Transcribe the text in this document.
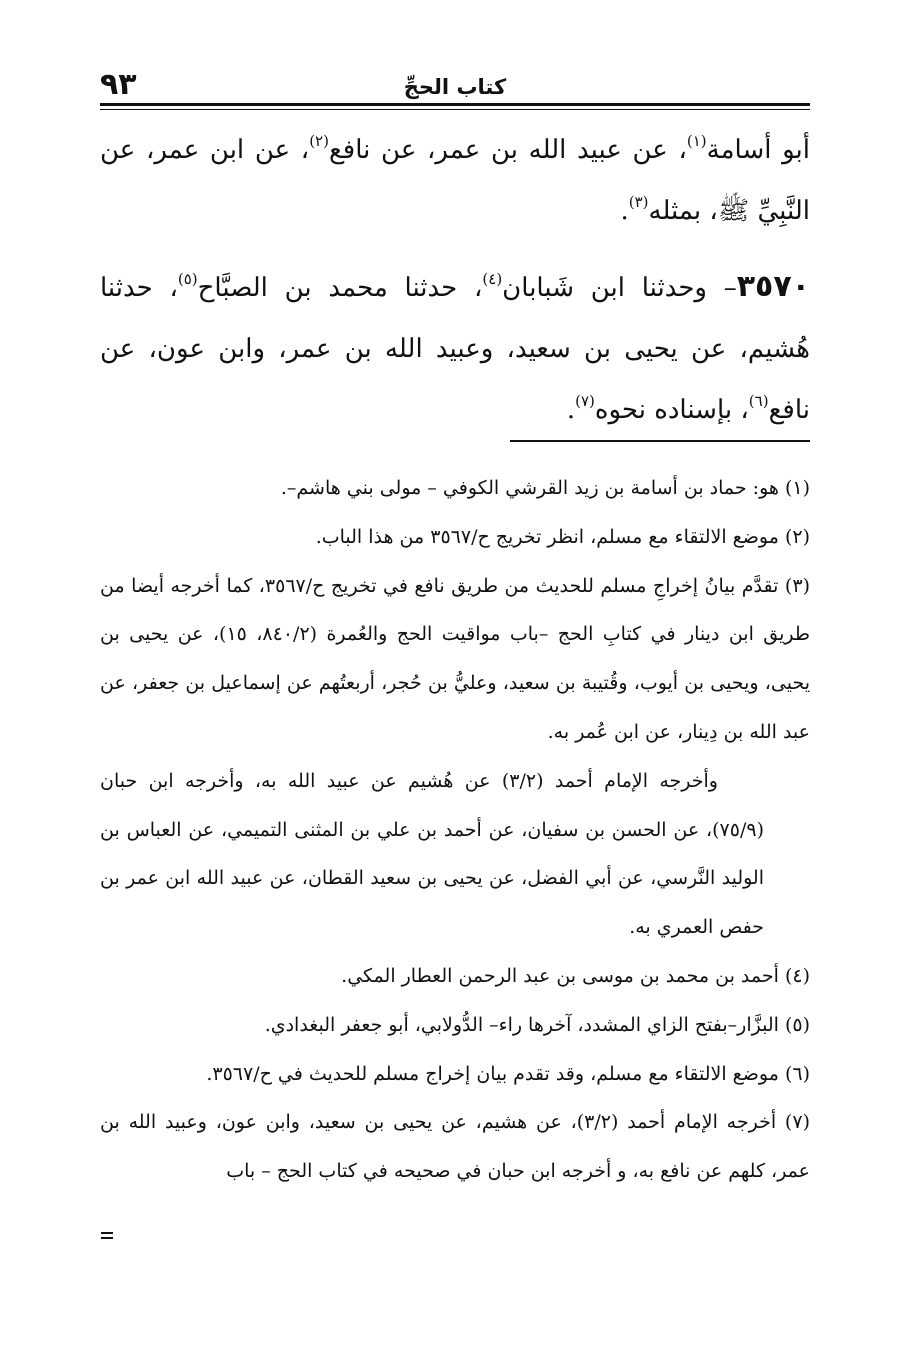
٩٣	كتاب الحجِّ

أبو أسامة$^{(١)}$، عن عبيد الله بن عمر، عن نافع$^{(٢)}$، عن ابن عمر، عن النَّبِيِّ ﷺ، بمثله$^{(٣)}$.

٣٥٧٠– وحدثنا ابن شَبابان$^{(٤)}$، حدثنا محمد بن الصبَّاح$^{(٥)}$، حدثنا هُشيم، عن يحيى بن سعيد، وعبيد الله بن عمر، وابن عون، عن نافع$^{(٦)}$، بإسناده نحوه$^{(٧)}$.

(١) هو: حماد بن أسامة بن زيد القرشي الكوفي – مولى بني هاشم–.

(٢) موضع الالتقاء مع مسلم، انظر تخريج ح/٣٥٦٧ من هذا الباب.

(٣) تقدَّم بيانُ إخراجِ مسلم للحديث من طريق نافع في تخريج ح/٣٥٦٧، كما أخرجه أيضا من طريق ابن دينار في كتابِ الحج –باب مواقيت الحج والعُمرة (٨٤٠/٢، ١٥)، عن يحيى بن يحيى، ويحيى بن أيوب، وقُتيبة بن سعيد، وعليُّ بن حُجر، أربعتُهم عن إسماعيل بن جعفر، عن عبد الله بن دِينار، عن ابن عُمر به.

وأخرجه الإمام أحمد (٣/٢) عن هُشيم عن عبيد الله به، وأخرجه ابن حبان (٧٥/٩)، عن الحسن بن سفيان، عن أحمد بن علي بن المثنى التميمي، عن العباس بن الوليد النَّرسي، عن أبي الفضل، عن يحيى بن سعيد القطان، عن عبيد الله ابن عمر بن حفص العمري به.

(٤) أحمد بن محمد بن موسى بن عبد الرحمن العطار المكي.

(٥) البزَّار–بفتح الزاي المشدد، آخرها راء– الدُّولابي، أبو جعفر البغدادي.

(٦) موضع الالتقاء مع مسلم، وقد تقدم بيان إخراج مسلم للحديث في ح/٣٥٦٧.

(٧) أخرجه الإمام أحمد (٣/٢)، عن هشيم، عن يحيى بن سعيد، وابن عون، وعبيد الله بن عمر، كلهم عن نافع به، و أخرجه ابن حبان في صحيحه في كتاب الحج – باب
